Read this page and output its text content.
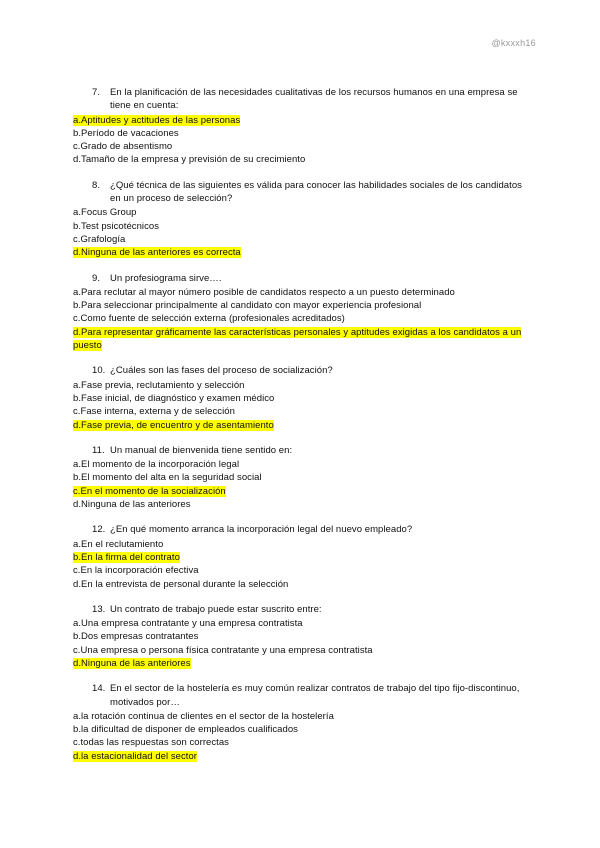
@kxxxh16
7. En la planificación de las necesidades cualitativas de los recursos humanos en una empresa se tiene en cuenta:
a.Aptitudes y actitudes de las personas
b.Período de vacaciones
c.Grado de absentismo
d.Tamaño de la empresa y previsión de su crecimiento
8. ¿Qué técnica de las siguientes es válida para conocer las habilidades sociales de los candidatos en un proceso de selección?
a.Focus Group
b.Test psicotécnicos
c.Grafología
d.Ninguna de las anteriores es correcta
9. Un profesiograma sirve….
a.Para reclutar al mayor número posible de candidatos respecto a un puesto determinado
b.Para seleccionar principalmente al candidato con mayor experiencia profesional
c.Como fuente de selección externa (profesionales acreditados)
d.Para representar gráficamente las características personales y aptitudes exigidas a los candidatos a un puesto
10. ¿Cuáles son las fases del proceso de socialización?
a.Fase previa, reclutamiento y selección
b.Fase inicial, de diagnóstico y examen médico
c.Fase interna, externa y de selección
d.Fase previa, de encuentro y de asentamiento
11. Un manual de bienvenida tiene sentido en:
a.El momento de la incorporación legal
b.El momento del alta en la seguridad social
c.En el momento de la socialización
d.Ninguna de las anteriores
12. ¿En qué momento arranca la incorporación legal del nuevo empleado?
a.En el reclutamiento
b.En la firma del contrato
c.En la incorporación efectiva
d.En la entrevista de personal durante la selección
13. Un contrato de trabajo puede estar suscrito entre:
a.Una empresa contratante y una empresa contratista
b.Dos empresas contratantes
c.Una empresa o persona física contratante y una empresa contratista
d.Ninguna de las anteriores
14. En el sector de la hostelería es muy común realizar contratos de trabajo del tipo fijo-discontinuo, motivados por…
a.la rotación continua de clientes en el sector de la hostelería
b.la dificultad de disponer de empleados cualificados
c.todas las respuestas son correctas
d.la estacionalidad del sector
